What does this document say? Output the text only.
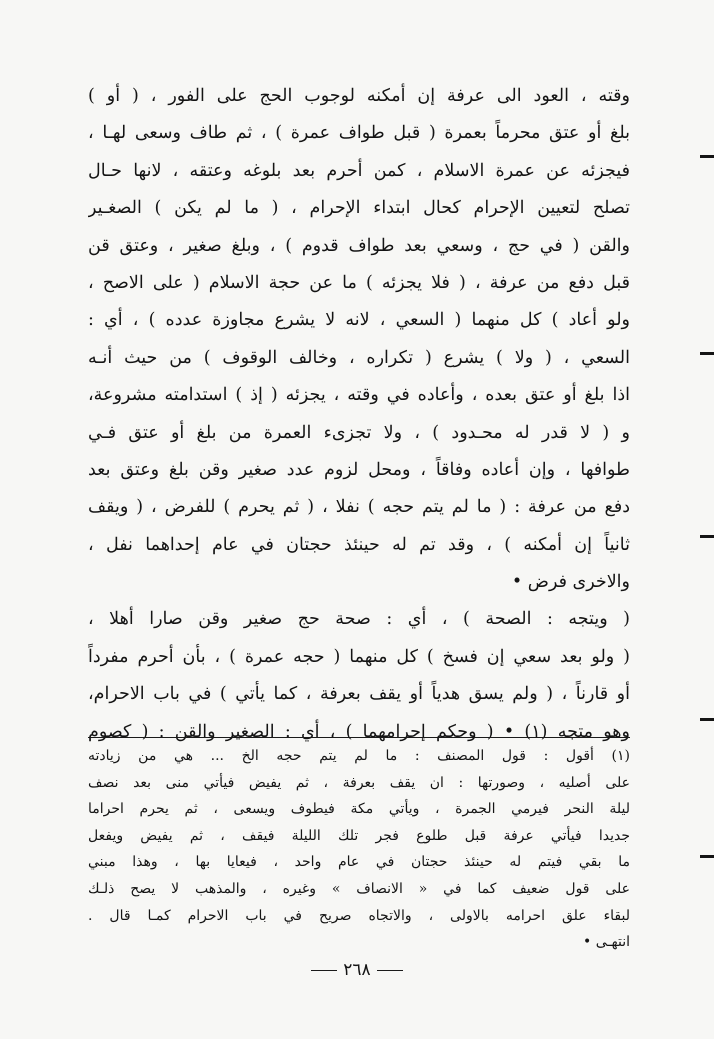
وقته ، العود الى عرفة إن أمكنه لوجوب الحج على الفور ، ( أو )
بلغ أو عتق محرماً بعمرة ( قبل طواف عمرة ) ، ثم طاف وسعى لهـا ،
فيجزئه عن عمرة الاسلام ، كمن أحرم بعد بلوغه وعتقه ، لانها حـال
تصلح لتعيين الإحرام كحال ابتداء الإحرام ، ( ما لم يكن ) الصغـير
والقن ( في حج ، وسعي بعد طواف قدوم ) ، وبلغ صغير ، وعتق قن
قبل دفع من عرفة ، ( فلا يجزئه ) ما عن حجة الاسلام ( على الاصح ،
ولو أعاد ) كل منهما ( السعي ، لانه لا يشرع مجاوزة عدده ) ، أي :
السعي ، ( ولا ) يشرع ( تكراره ، وخالف الوقوف ) من حيث أنـه
اذا بلغ أو عتق بعده ، وأعاده في وقته ، يجزئه ( إذ ) استدامته مشروعة،
و ( لا قدر له محـدود ) ، ولا تجزىء العمرة من بلغ أو عتق فـي
طوافها ، وإن أعاده وفاقاً ، ومحل لزوم عدد صغير وقن بلغ وعتق بعد
دفع من عرفة : ( ما لم يتم حجه ) نفلا ، ( ثم يحرم ) للفرض ، ( ويقف
ثانياً إن أمكنه ) ، وقد تم له حينئذ حجتان في عام إحداهما نفل ،
والاخرى فرض •
( ويتجه : الصحة ) ، أي : صحة حج صغير وقن صارا أهلا ،
( ولو بعد سعي إن فسخ ) كل منهما ( حجه عمرة ) ، بأن أحرم مفرداً
أو قارناً ، ( ولم يسق هدياً أو يقف بعرفة ، كما يأتي ) في باب الاحرام،
وهو متجه (١) • ( وحكم إحرامهما ) ، أي : الصغير والقن : ( كصوم
(١) أقول : قول المصنف : ما لم يتم حجه الخ ... هي من زيادته
على أصليه ، وصورتها : ان يقف بعرفة ، ثم يفيض فيأتي منى بعد نصف
ليلة النحر فيرمي الجمرة ، ويأتي مكة فيطوف ويسعى ، ثم يحرم احراما
جديدا فيأتي عرفة قبل طلوع فجر تلك الليلة فيقف ، ثم يفيض ويفعل
ما بقي فيتم له حينئذ حجتان في عام واحد ، فيعايا بها ، وهذا مبني
على قول ضعيف كما في « الانصاف » وغيره ، والمذهب لا يصح ذلـك
لبقاء علق احرامه بالاولى ، والاتجاه صريح في باب الاحرام كمـا قال .
انتهـى •
٢٦٨
